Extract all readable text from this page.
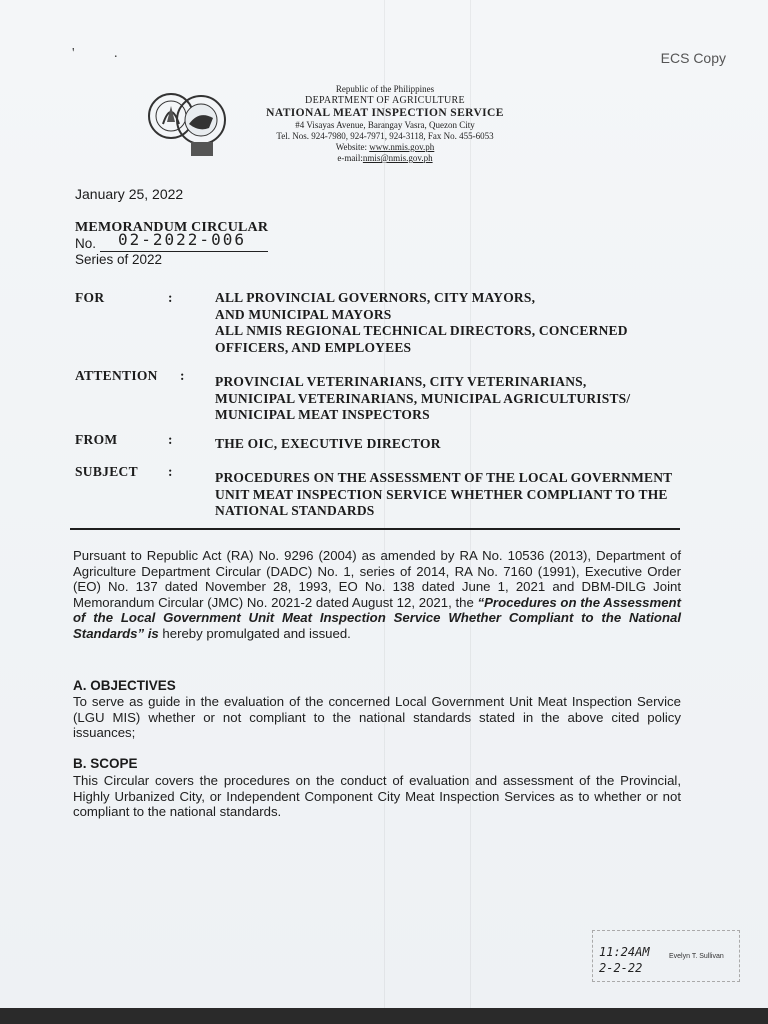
' .	ECS Copy
Republic of the Philippines
DEPARTMENT OF AGRICULTURE
NATIONAL MEAT INSPECTION SERVICE
#4 Visayas Avenue, Barangay Vasra, Quezon City
Tel. Nos. 924-7980, 924-7971, 924-3118, Fax No. 455-6053
Website: www.nmis.gov.ph
e-mail:nmis@nmis.gov.ph
January 25, 2022
MEMORANDUM CIRCULAR
No. 02-2022-006
Series of 2022
FOR	:	ALL PROVINCIAL GOVERNORS, CITY MAYORS,
AND MUNICIPAL MAYORS
ALL NMIS REGIONAL TECHNICAL DIRECTORS, CONCERNED
OFFICERS, AND EMPLOYEES
ATTENTION : PROVINCIAL VETERINARIANS, CITY VETERINARIANS,
MUNICIPAL VETERINARIANS, MUNICIPAL AGRICULTURISTS/
MUNICIPAL MEAT INSPECTORS
FROM	:	THE OIC, EXECUTIVE DIRECTOR
SUBJECT :	PROCEDURES ON THE ASSESSMENT OF THE LOCAL GOVERNMENT
UNIT MEAT INSPECTION SERVICE WHETHER COMPLIANT TO THE
NATIONAL STANDARDS
Pursuant to Republic Act (RA) No. 9296 (2004) as amended by RA No. 10536 (2013), Department of Agriculture Department Circular (DADC) No. 1, series of 2014, RA No. 7160 (1991), Executive Order (EO) No. 137 dated November 28, 1993, EO No. 138 dated June 1, 2021 and DBM-DILG Joint Memorandum Circular (JMC) No. 2021-2 dated August 12, 2021, the “Procedures on the Assessment of the Local Government Unit Meat Inspection Service Whether Compliant to the National Standards” is hereby promulgated and issued.
A. OBJECTIVES
To serve as guide in the evaluation of the concerned Local Government Unit Meat Inspection Service (LGU MIS) whether or not compliant to the national standards stated in the above cited policy issuances;
B. SCOPE
This Circular covers the procedures on the conduct of evaluation and assessment of the Provincial, Highly Urbanized City, or Independent Component City Meat Inspection Services as to whether or not compliant to the national standards.
11:24AM
2-2-22
Evelyn T. Sullivan
